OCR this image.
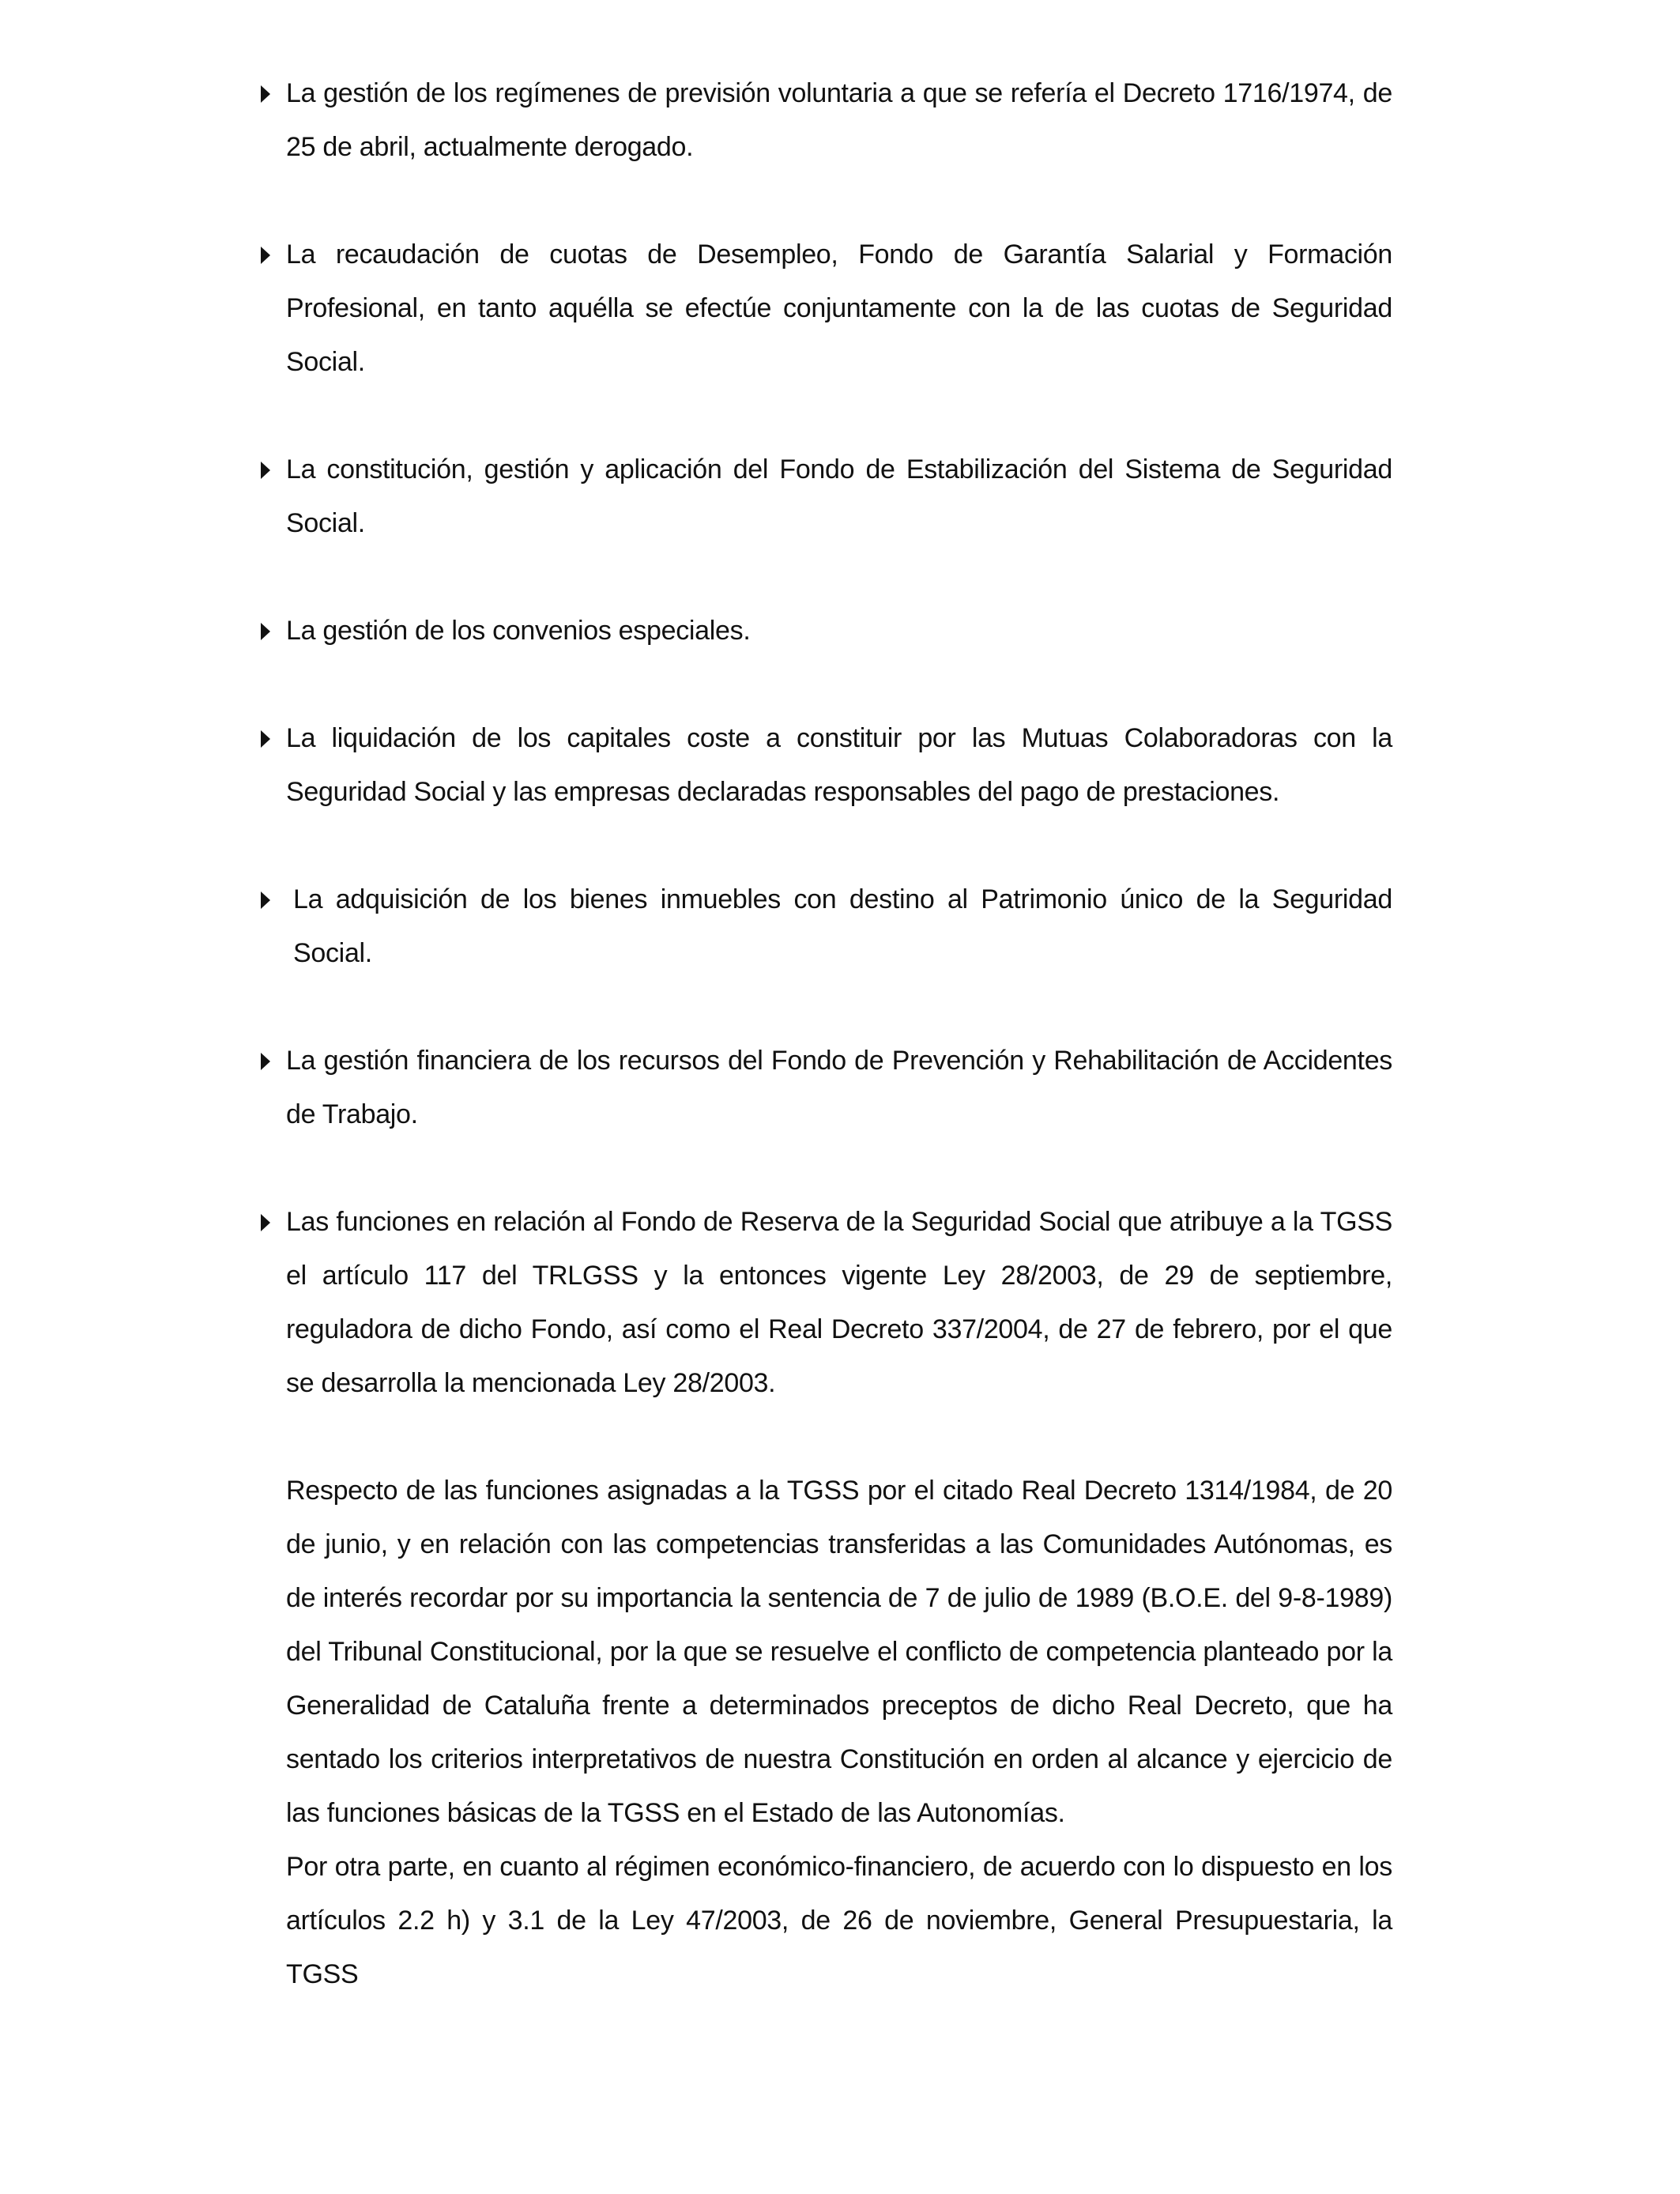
La gestión de los regímenes de previsión voluntaria a que se refería el Decreto 1716/1974, de 25 de abril, actualmente derogado.
La recaudación de cuotas de Desempleo, Fondo de Garantía Salarial y Formación Profesional, en tanto aquélla se efectúe conjuntamente con la de las cuotas de Seguridad Social.
La constitución, gestión y aplicación del Fondo de Estabilización del Sistema de Seguridad Social.
La gestión de los convenios especiales.
La liquidación de los capitales coste a constituir por las Mutuas Colaboradoras con la Seguridad Social y las empresas declaradas responsables del pago de prestaciones.
La adquisición de los bienes inmuebles con destino al Patrimonio único de la Seguridad Social.
La gestión financiera de los recursos del Fondo de Prevención y Rehabilitación de Accidentes de Trabajo.
Las funciones en relación al Fondo de Reserva de la Seguridad Social que atribuye a la TGSS el artículo 117 del TRLGSS y la entonces vigente Ley 28/2003, de 29 de septiembre, reguladora de dicho Fondo, así como el Real Decreto 337/2004, de 27 de febrero, por el que se desarrolla la mencionada Ley 28/2003.

Respecto de las funciones asignadas a la TGSS por el citado Real Decreto 1314/1984, de 20 de junio, y en relación con las competencias transferidas a las Comunidades Autónomas, es de interés recordar por su importancia la sentencia de 7 de julio de 1989 (B.O.E. del 9-8-1989) del Tribunal Constitucional, por la que se resuelve el conflicto de competencia planteado por la Generalidad de Cataluña frente a determinados preceptos de dicho Real Decreto, que ha sentado los criterios interpretativos de nuestra Constitución en orden al alcance y ejercicio de las funciones básicas de la TGSS en el Estado de las Autonomías.

Por otra parte, en cuanto al régimen económico-financiero, de acuerdo con lo dispuesto en los artículos 2.2 h) y 3.1 de la Ley 47/2003, de 26 de noviembre, General Presupuestaria, la TGSS
